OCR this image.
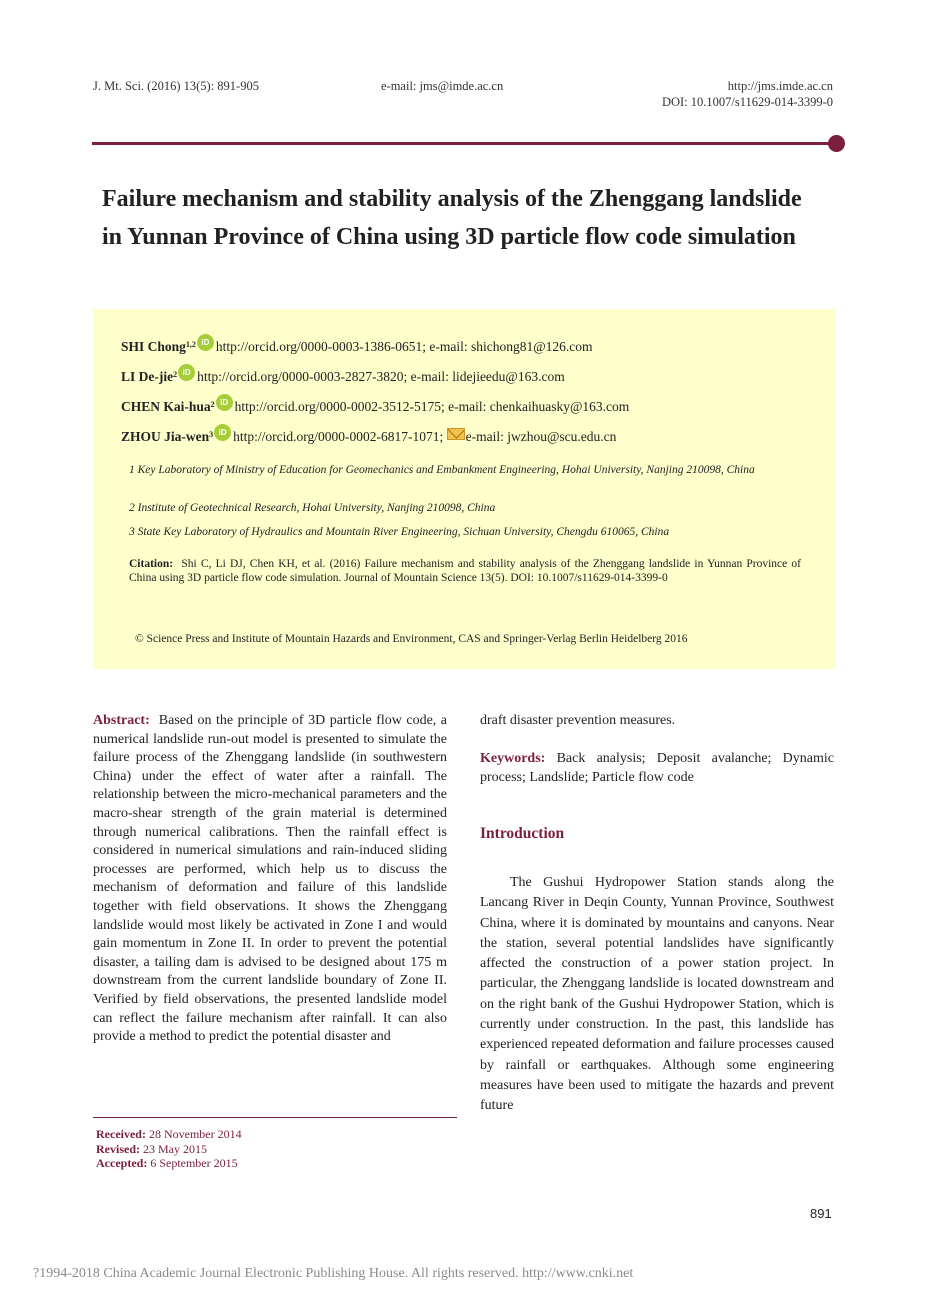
J. Mt. Sci. (2016) 13(5): 891-905	e-mail: jms@imde.ac.cn	http://jms.imde.ac.cn
DOI: 10.1007/s11629-014-3399-0
Failure mechanism and stability analysis of the Zhenggang landslide in Yunnan Province of China using 3D particle flow code simulation
SHI Chong$^{1,2}$ iD http://orcid.org/0000-0003-1386-0651; e-mail: shichong81@126.com
LI De-jie$^2$ iD http://orcid.org/0000-0003-2827-3820; e-mail: lidejieedu@163.com
CHEN Kai-hua$^2$ iD http://orcid.org/0000-0002-3512-5175; e-mail: chenkaihuasky@163.com
ZHOU Jia-wen$^3$ iD http://orcid.org/0000-0002-6817-1071;
e-mail: jwzhou@scu.edu.cn
1 Key Laboratory of Ministry of Education for Geomechanics and Embankment Engineering, Hohai University, Nanjing 210098, China
2 Institute of Geotechnical Research, Hohai University, Nanjing 210098, China
3 State Key Laboratory of Hydraulics and Mountain River Engineering, Sichuan University, Chengdu 610065, China
Citation: Shi C, Li DJ, Chen KH, et al. (2016) Failure mechanism and stability analysis of the Zhenggang landslide in Yunnan Province of China using 3D particle flow code simulation. Journal of Mountain Science 13(5). DOI: 10.1007/s11629-014-3399-0
© Science Press and Institute of Mountain Hazards and Environment, CAS and Springer-Verlag Berlin Heidelberg 2016
Abstract: Based on the principle of 3D particle flow code, a numerical landslide run-out model is presented to simulate the failure process of the Zhenggang landslide (in southwestern China) under the effect of water after a rainfall. The relationship between the micro-mechanical parameters and the macro-shear strength of the grain material is determined through numerical calibrations. Then the rainfall effect is considered in numerical simulations and rain-induced sliding processes are performed, which help us to discuss the mechanism of deformation and failure of this landslide together with field observations. It shows the Zhenggang landslide would most likely be activated in Zone I and would gain momentum in Zone II. In order to prevent the potential disaster, a tailing dam is advised to be designed about 175 m downstream from the current landslide boundary of Zone II. Verified by field observations, the presented landslide model can reflect the failure mechanism after rainfall. It can also provide a method to predict the potential disaster and
Received: 28 November 2014
Revised: 23 May 2015
Accepted: 6 September 2015
draft disaster prevention measures.
Keywords: Back analysis; Deposit avalanche; Dynamic process; Landslide; Particle flow code
Introduction
The Gushui Hydropower Station stands along the Lancang River in Deqin County, Yunnan Province, Southwest China, where it is dominated by mountains and canyons. Near the station, several potential landslides have significantly affected the construction of a power station project. In particular, the Zhenggang landslide is located downstream and on the right bank of the Gushui Hydropower Station, which is currently under construction. In the past, this landslide has experienced repeated deformation and failure processes caused by rainfall or earthquakes. Although some engineering measures have been used to mitigate the hazards and prevent future
891
?1994-2018 China Academic Journal Electronic Publishing House. All rights reserved. http://www.cnki.net
